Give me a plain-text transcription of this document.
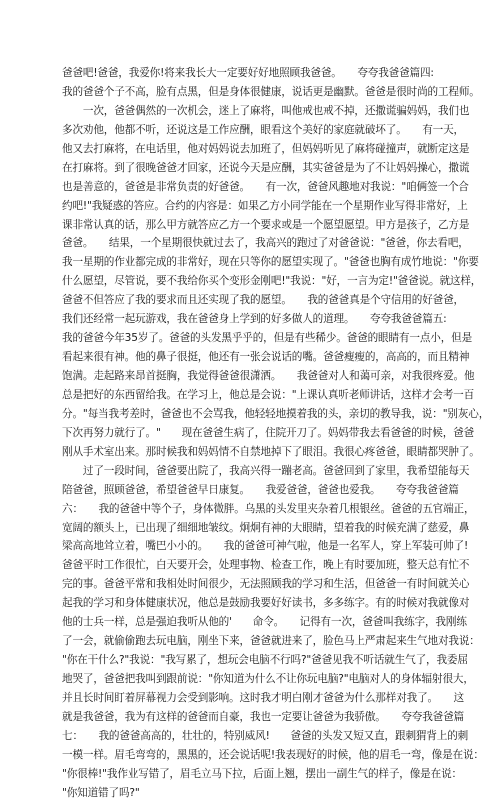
爸爸吧!爸爸，我爱你!将来我长大一定要好好地照顾我爸爸。　　夸夸我爸爸篇四:
我的爸爸个子不高，脸有点黑，但是身体很健康，说话更是幽默。爸爸是很时尚的工程师。
　　一次，爸爸偶然的一次机会，迷上了麻将，叫他戒也戒不掉，还撒谎骗妈妈，我们也
多次劝他，他都不听，还说这是工作应酬，眼看这个美好的家庭就破坏了。　　有一天，
他又去打麻将，在电话里，他对妈妈说去加班了，但妈妈听见了麻将碰撞声，就断定这是
在打麻将。到了很晚爸爸才回家，还说今天是应酬，其实爸爸是为了不让妈妈操心，撒谎
也是善意的，爸爸是非常负责的好爸爸。　　有一次，爸爸风趣地对我说："咱俩签一个合
约吧!"我疑惑的答应。合约的内容是：如果乙方小同学能在一个星期作业写得非常好，上
课非常认真的话，那么甲方就答应乙方一个要求或是一个愿望愿望。甲方是孩子，乙方是
爸爸。　　结果，一个星期很快就过去了，我高兴的跑过了对爸爸说："爸爸，你去看吧，
我一星期的作业都完成的非常好，现在只等你的愿望实现了。"爸爸也胸有成竹地说："你要
什么愿望，尽管说，要不我给你买个变形金刚吧!"我说："好，一言为定!"爸爸说。就这样，
爸爸不但答应了我的要求而且还实现了我的愿望。　　我的爸爸真是个守信用的好爸爸，
我们还经常一起玩游戏，我在爸爸身上学到的好多做人的道理。　　夸夸我爸爸篇五:
我的爸爸今年35岁了。爸爸的头发黑乎乎的，但是有些稀少。爸爸的眼睛有一点小，但是
看起来很有神。他的鼻子很挺，他还有一张会说话的嘴。爸爸瘦瘦的，高高的，而且精神
饱满。走起路来昂首挺胸，我觉得爸爸很潇洒。　　我爸爸对人和蔼可亲，对我很疼爱。他
总是把好的东西留给我。在学习上，他总是会说："上课认真听老师讲话，这样才会考一百
分。"每当我考差时，爸爸也不会骂我，他轻轻地摸着我的头，亲切的教导我，说："别灰心，
下次再努力就行了。"　　现在爸爸生病了，住院开刀了。妈妈带我去看爸爸的时候，爸爸
刚从手术室出来。那时候我和妈妈情不自禁地掉下了眼泪。我很心疼爸爸，眼睛都哭肿了。
　　过了一段时间，爸爸要出院了，我高兴得一蹦老高。爸爸回到了家里，我希望能每天
陪爸爸，照顾爸爸，希望爸爸早日康复。　　我爱爸爸，爸爸也爱我。　　夸夸我爸爸篇
六：　　我的爸爸中等个子，身体微胖。乌黑的头发里夹杂着几根银丝。爸爸的五官端正，
宽阔的额头上，已出现了细细地皱纹。炯炯有神的大眼睛，望着我的时候充满了慈爱，鼻
梁高高地耸立着，嘴巴小小的。　　我的爸爸可神气啦，他是一名军人，穿上军装可帅了!
爸爸平时工作很忙，白天要开会，处理事物、检查工作，晚上有时要加班，整天总有忙不
完的事。爸爸平常和我相处时间很少，无法照顾我的学习和生活，但爸爸一有时间就关心
起我的学习和身体健康状况，他总是鼓励我要好好读书，多多练字。有的时候对我就像对
他的士兵一样，总是强迫我听从他的'　　命令。　　记得有一次，爸爸叫我练字，我刚练
了一会，就偷偷跑去玩电脑，刚坐下来，爸爸就进来了，脸色马上严肃起来生气地对我说：
"你在干什么?"我说："我写累了，想玩会电脑不行吗?"爸爸见我不听话就生气了，我委屈
地哭了，爸爸把我叫到跟前说："你知道为什么不让你玩电脑?"电脑对人的身体辐射很大，
并且长时间盯着屏幕视力会受到影响。这时我才明白刚才爸爸为什么那样对我了。　　这
就是我爸爸，我为有这样的爸爸而自豪，我也一定要让爸爸为我骄傲。　　夸夸我爸爸篇
七：　　我的爸爸高高的，壮壮的，特别威风!　　爸爸的头发又短又直，跟刺猬背上的刺
一模一样。眉毛弯弯的，黑黑的，还会说话呢!我表现好的时候，他的眉毛一弯，像是在说：
"你很棒!"我作业写错了，眉毛立马下拉，后面上翘，摆出一副生气的样子，像是在说：
"你知道错了吗?"
